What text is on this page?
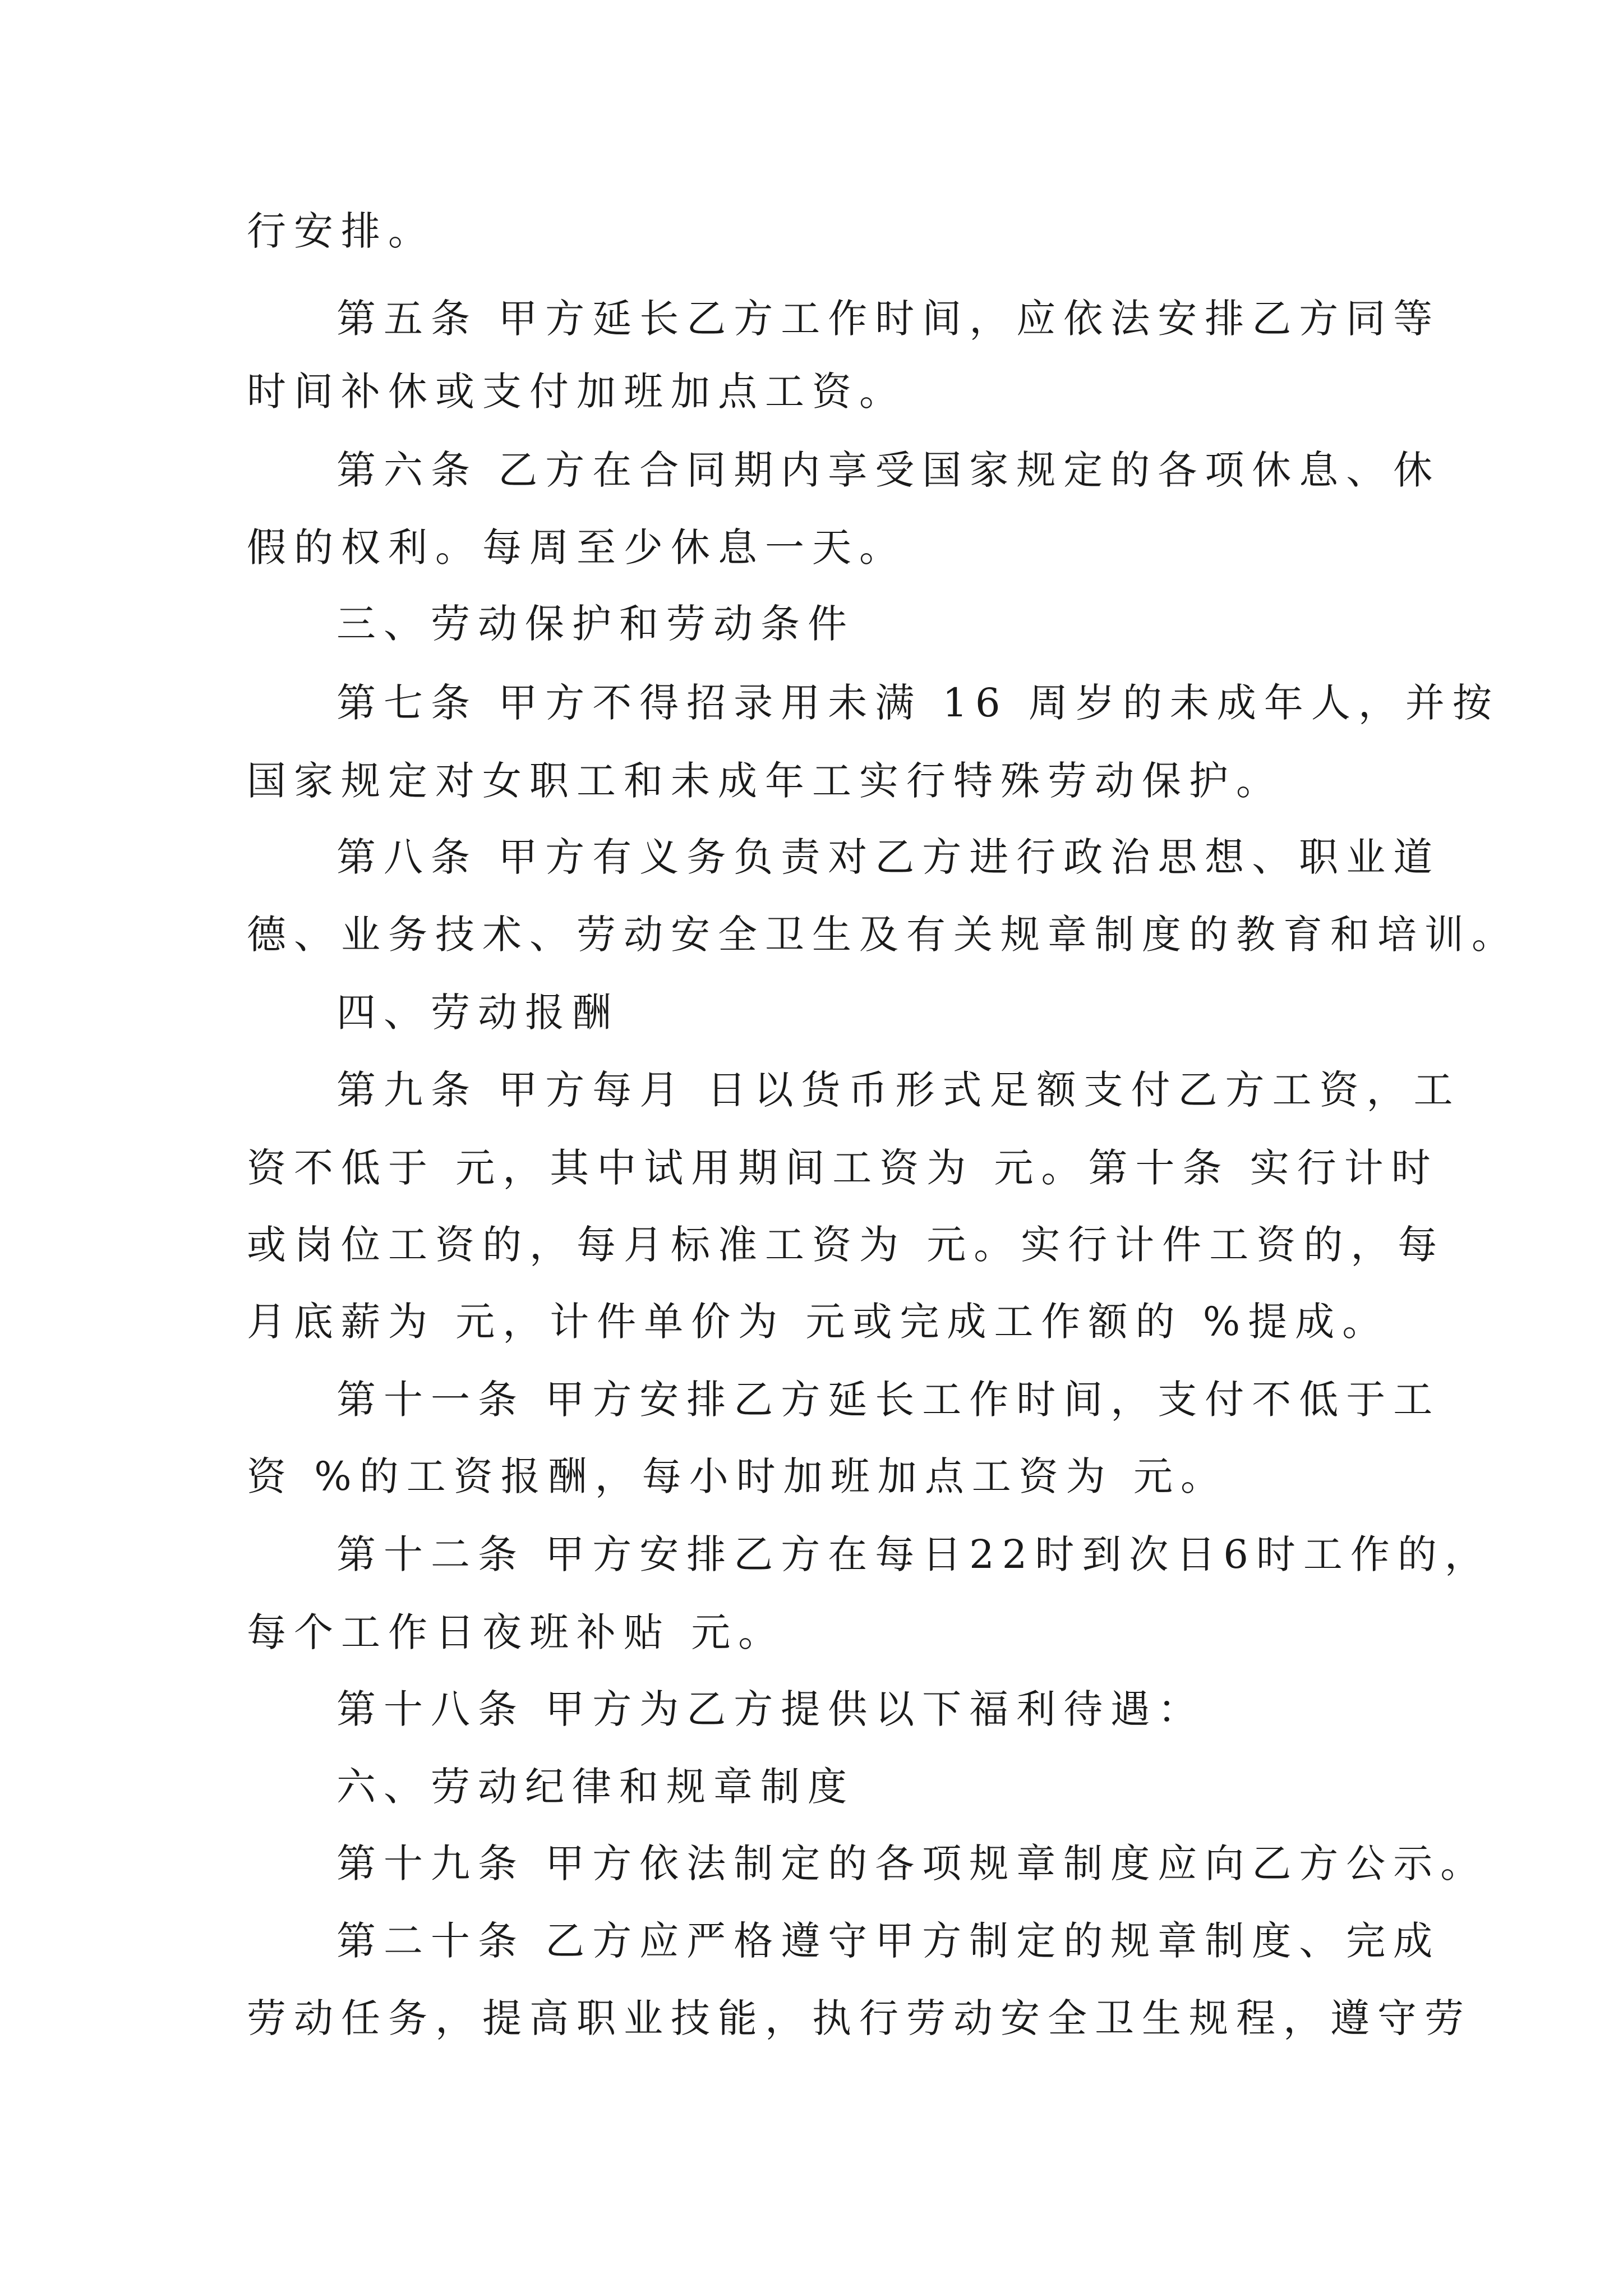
行安排。
第五条 甲方延长乙方工作时间，应依法安排乙方同等
时间补休或支付加班加点工资。
第六条 乙方在合同期内享受国家规定的各项休息、休
假的权利。每周至少休息一天。
三、劳动保护和劳动条件
第七条 甲方不得招录用未满 16 周岁的未成年人，并按
国家规定对女职工和未成年工实行特殊劳动保护。
第八条 甲方有义务负责对乙方进行政治思想、职业道
德、业务技术、劳动安全卫生及有关规章制度的教育和培训。
四、劳动报酬
第九条 甲方每月 日以货币形式足额支付乙方工资，工
资不低于 元，其中试用期间工资为 元。第十条 实行计时
或岗位工资的，每月标准工资为 元。实行计件工资的，每
月底薪为 元，计件单价为 元或完成工作额的 %提成。
第十一条 甲方安排乙方延长工作时间，支付不低于工
资 %的工资报酬，每小时加班加点工资为 元。
第十二条 甲方安排乙方在每日22时到次日6时工作的，
每个工作日夜班补贴 元。
第十八条 甲方为乙方提供以下福利待遇：
六、劳动纪律和规章制度
第十九条 甲方依法制定的各项规章制度应向乙方公示。
第二十条 乙方应严格遵守甲方制定的规章制度、完成
劳动任务，提高职业技能，执行劳动安全卫生规程，遵守劳
